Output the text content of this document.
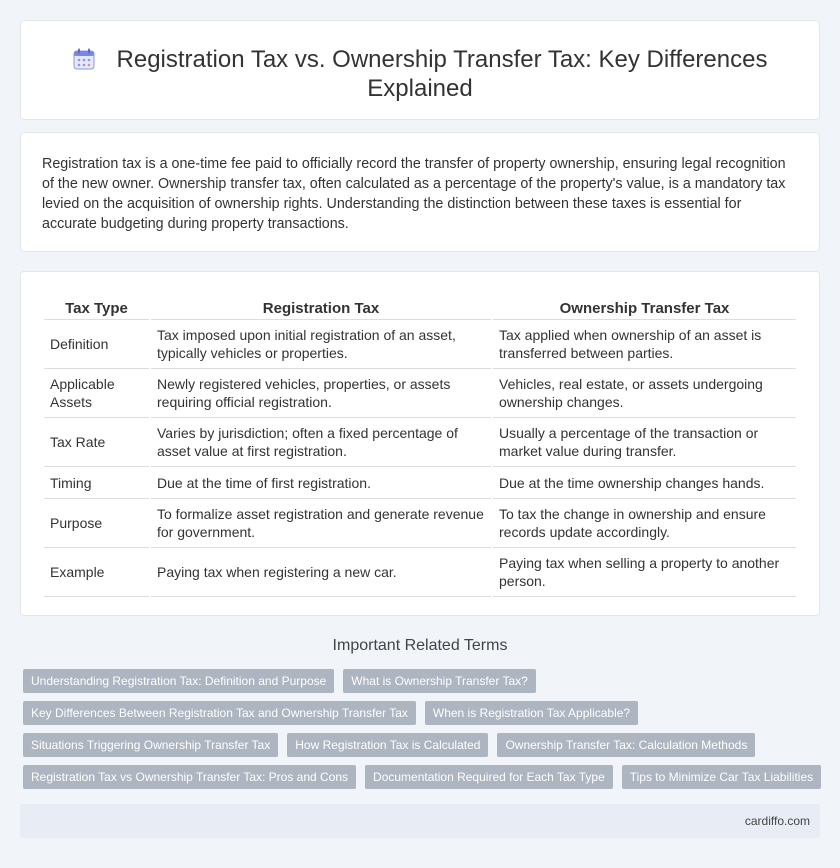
Registration Tax vs. Ownership Transfer Tax: Key Differences Explained

Registration tax is a one-time fee paid to officially record the transfer of property ownership, ensuring legal recognition of the new owner. Ownership transfer tax, often calculated as a percentage of the property's value, is a mandatory tax levied on the acquisition of ownership rights. Understanding the distinction between these taxes is essential for accurate budgeting during property transactions.

Tax Type	Registration Tax	Ownership Transfer Tax
Definition	Tax imposed upon initial registration of an asset, typically vehicles or properties.	Tax applied when ownership of an asset is transferred between parties.
Applicable Assets	Newly registered vehicles, properties, or assets requiring official registration.	Vehicles, real estate, or assets undergoing ownership changes.
Tax Rate	Varies by jurisdiction; often a fixed percentage of asset value at first registration.	Usually a percentage of the transaction or market value during transfer.
Timing	Due at the time of first registration.	Due at the time ownership changes hands.
Purpose	To formalize asset registration and generate revenue for government.	To tax the change in ownership and ensure records update accordingly.
Example	Paying tax when registering a new car.	Paying tax when selling a property to another person.
Important Related Terms
Understanding Registration Tax: Definition and Purpose	What is Ownership Transfer Tax?
Key Differences Between Registration Tax and Ownership Transfer Tax	When is Registration Tax Applicable?
Situations Triggering Ownership Transfer Tax	How Registration Tax is Calculated	Ownership Transfer Tax: Calculation Methods
Registration Tax vs Ownership Transfer Tax: Pros and Cons	Documentation Required for Each Tax Type	Tips to Minimize Car Tax Liabilities
cardiffo.com
